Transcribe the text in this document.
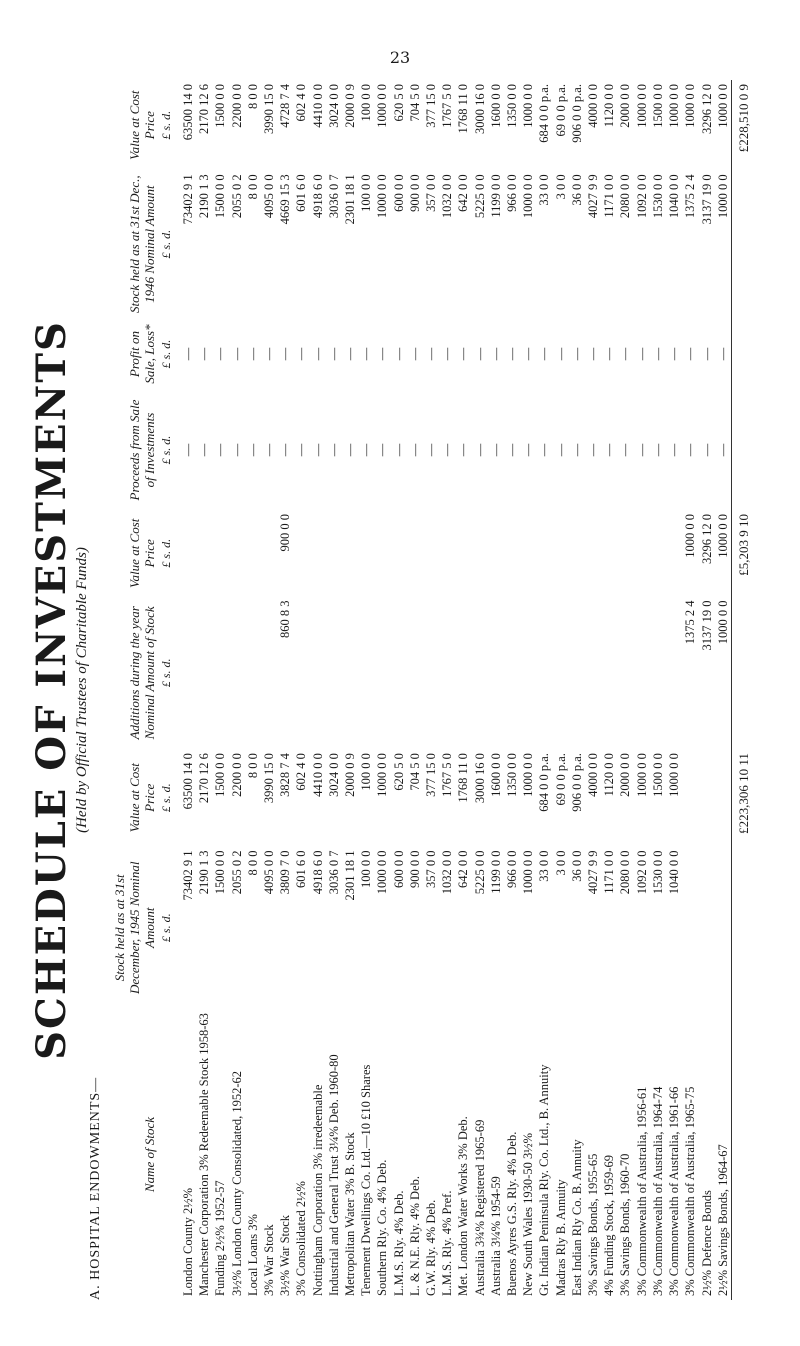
23
SCHEDULE OF INVESTMENTS (Held by Official Trustees of Charitable Funds)

A. HOSPITAL ENDOWMENTS—	Name of Stock	Stock held as at 31st December, 1945 Nominal Amount	Value at Cost Price	Additions during the year Nominal Amount of Stock	Value at Cost Price	Proceeds from Sale of Investments	Profit on Sale, Loss*	Stock held as at 31st Dec., 1946 Nominal Amount	Value at Cost Price
	£ s. d.	£ s. d.	£ s. d.	£ s. d.	£ s. d.	£ s. d.	£ s. d.	£ s. d.
London County 2½%	73402 9 1	63500 14 0			—	—	73402 9 1	63500 14 0
Manchester Corporation 3% Redeemable Stock 1958-63	2190 1 3	2170 12 6			—	—	2190 1 3	2170 12 6
Funding 2½% 1952-57	1500 0 0	1500 0 0			—	—	1500 0 0	1500 0 0
3½% London County Consolidated, 1952-62	2055 0 2	2200 0 0			—	—	2055 0 2	2200 0 0
Local Loans 3%	8 0 0	8 0 0			—	—	8 0 0	8 0 0
3% War Stock	4095 0 0	3990 15 0			—	—	4095 0 0	3990 15 0
3½% War Stock	3809 7 0	3828 7 4	860 8 3	900 0 0	—	—	4669 15 3	4728 7 4
3% Consolidated 2½%	601 6 0	602 4 0			—	—	601 6 0	602 4 0
Nottingham Corporation 3% irredeemable	4918 6 0	4410 0 0			—	—	4918 6 0	4410 0 0
Industrial and General Trust 3¼% Deb. 1960-80	3036 0 7	3024 0 0			—	—	3036 0 7	3024 0 0
Metropolitan Water 3% B. Stock	2301 18 1	2000 0 9			—	—	2301 18 1	2000 0 9
Tenement Dwellings Co. Ltd.—10 £10 Shares	100 0 0	100 0 0			—	—	100 0 0	100 0 0
Southern Rly. Co. 4% Deb.	1000 0 0	1000 0 0			—	—	1000 0 0	1000 0 0
L.M.S. Rly. 4% Deb.	600 0 0	620 5 0			—	—	600 0 0	620 5 0
L. & N.E. Rly. 4% Deb.	900 0 0	704 5 0			—	—	900 0 0	704 5 0
G.W. Rly. 4% Deb.	357 0 0	377 15 0			—	—	357 0 0	377 15 0
L.M.S. Rly. 4% Pref.	1032 0 0	1767 5 0			—	—	1032 0 0	1767 5 0
Met. London Water Works 3% Deb.	642 0 0	1768 11 0			—	—	642 0 0	1768 11 0
Australia 3¾% Registered 1965-69	5225 0 0	3000 16 0			—	—	5225 0 0	3000 16 0
Australia 3¼% 1954-59	1199 0 0	1600 0 0			—	—	1199 0 0	1600 0 0
Buenos Ayres G.S. Rly. 4% Deb.	966 0 0	1350 0 0			—	—	966 0 0	1350 0 0
New South Wales 1930-50 3½%	1000 0 0	1000 0 0			—	—	1000 0 0	1000 0 0
Gt. Indian Peninsula Rly. Co. Ltd., B. Annuity	33 0 0	684 0 0 p.a.			—	—	33 0 0	684 0 0 p.a.
Madras Rly B. Annuity	3 0 0	69 0 0 p.a.			—	—	3 0 0	69 0 0 p.a.
East Indian Rly Co. B. Annuity	36 0 0	906 0 0 p.a.			—	—	36 0 0	906 0 0 p.a.
3% Savings Bonds, 1955-65	4027 9 9	4000 0 0			—	—	4027 9 9	4000 0 0
4% Funding Stock, 1959-69	1171 0 0	1120 0 0			—	—	1171 0 0	1120 0 0
3% Savings Bonds, 1960-70	2080 0 0	2000 0 0			—	—	2080 0 0	2000 0 0
3% Commonwealth of Australia, 1956-61	1092 0 0	1000 0 0			—	—	1092 0 0	1000 0 0
3% Commonwealth of Australia, 1964-74	1530 0 0	1500 0 0			—	—	1530 0 0	1500 0 0
3% Commonwealth of Australia, 1961-66	1040 0 0	1000 0 0			—	—	1040 0 0	1000 0 0
3% Commonwealth of Australia, 1965-75			1375 2 4	1000 0 0	—	—	1375 2 4	1000 0 0
2½% Defence Bonds			3137 19 0	3296 12 0	—	—	3137 19 0	3296 12 0
2½% Savings Bonds, 1964-67			1000 0 0	1000 0 0	—	—	1000 0 0	1000 0 0
		£223,306 10 11		£5,203 9 10				£228,510 0 9
